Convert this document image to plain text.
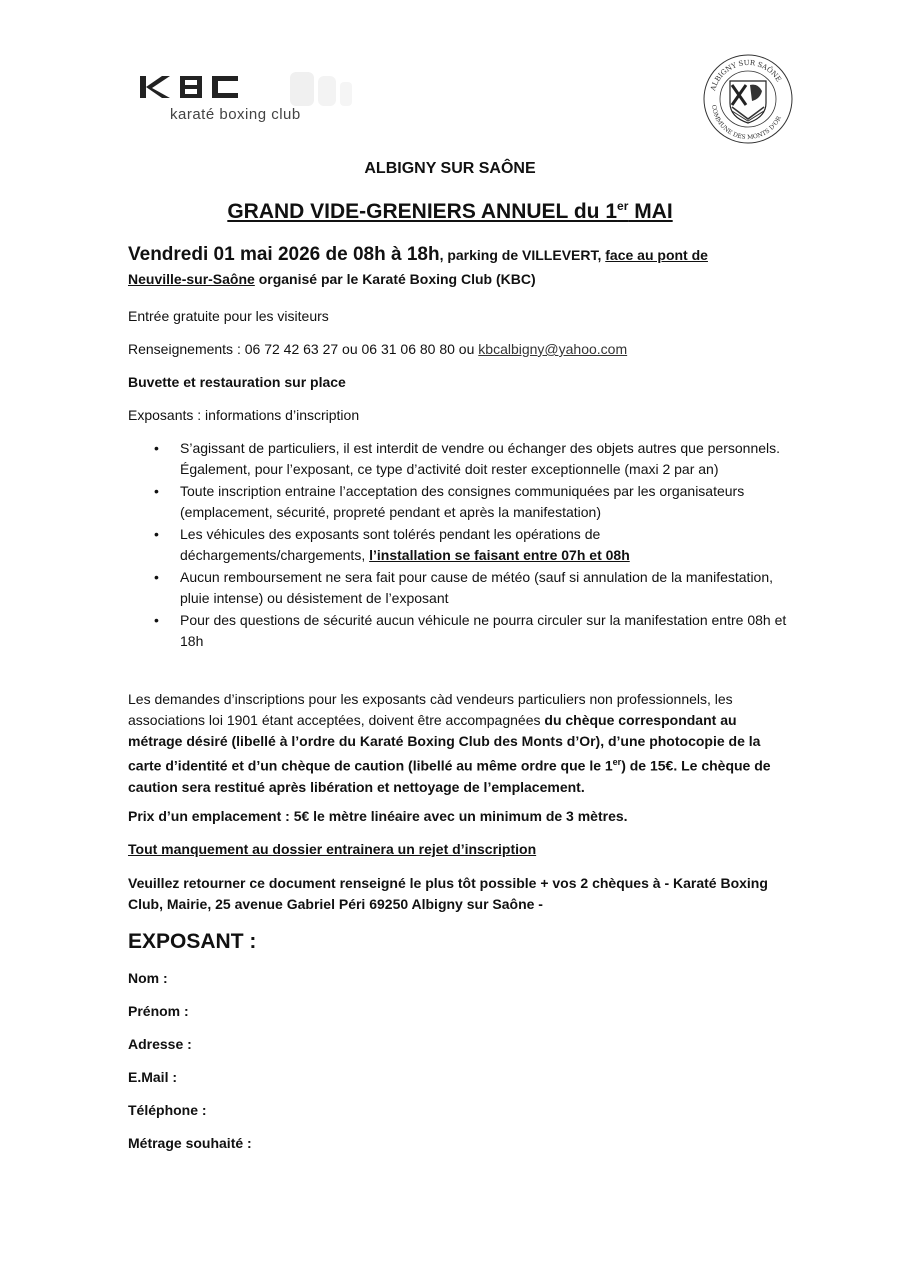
karaté boxing club
ALBIGNY SUR SAÔNE
COMMUNE DES MONTS D'OR
ALBIGNY SUR SAÔNE
GRAND VIDE-GRENIERS ANNUEL du 1er MAI
Vendredi 01 mai 2026 de 08h à 18h, parking de VILLEVERT, face au pont de Neuville-sur-Saône organisé par le Karaté Boxing Club (KBC)
Entrée gratuite pour les visiteurs
Renseignements : 06 72 42 63 27 ou 06 31 06 80 80 ou kbcalbigny@yahoo.com
Buvette et restauration sur place
Exposants : informations d’inscription
• S’agissant de particuliers, il est interdit de vendre ou échanger des objets autres que personnels. Également, pour l’exposant, ce type d’activité doit rester exceptionnelle (maxi 2 par an)
• Toute inscription entraine l’acceptation des consignes communiquées par les organisateurs (emplacement, sécurité, propreté pendant et après la manifestation)
• Les véhicules des exposants sont tolérés pendant les opérations de déchargements/chargements, l’installation se faisant entre 07h et 08h
• Aucun remboursement ne sera fait pour cause de météo (sauf si annulation de la manifestation, pluie intense) ou désistement de l’exposant
• Pour des questions de sécurité aucun véhicule ne pourra circuler sur la manifestation entre 08h et 18h
Les demandes d’inscriptions pour les exposants càd vendeurs particuliers non professionnels, les associations loi 1901 étant acceptées, doivent être accompagnées du chèque correspondant au métrage désiré (libellé à l’ordre du Karaté Boxing Club des Monts d’Or), d’une photocopie de la carte d’identité et d’un chèque de caution (libellé au même ordre que le 1er) de 15€. Le chèque de caution sera restitué après libération et nettoyage de l’emplacement.
Prix d’un emplacement : 5€ le mètre linéaire avec un minimum de 3 mètres.
Tout manquement au dossier entrainera un rejet d’inscription
Veuillez retourner ce document renseigné le plus tôt possible + vos 2 chèques à - Karaté Boxing Club, Mairie, 25 avenue Gabriel Péri 69250 Albigny sur Saône -
EXPOSANT :
Nom :
Prénom :
Adresse :
E.Mail :
Téléphone :
Métrage souhaité :
